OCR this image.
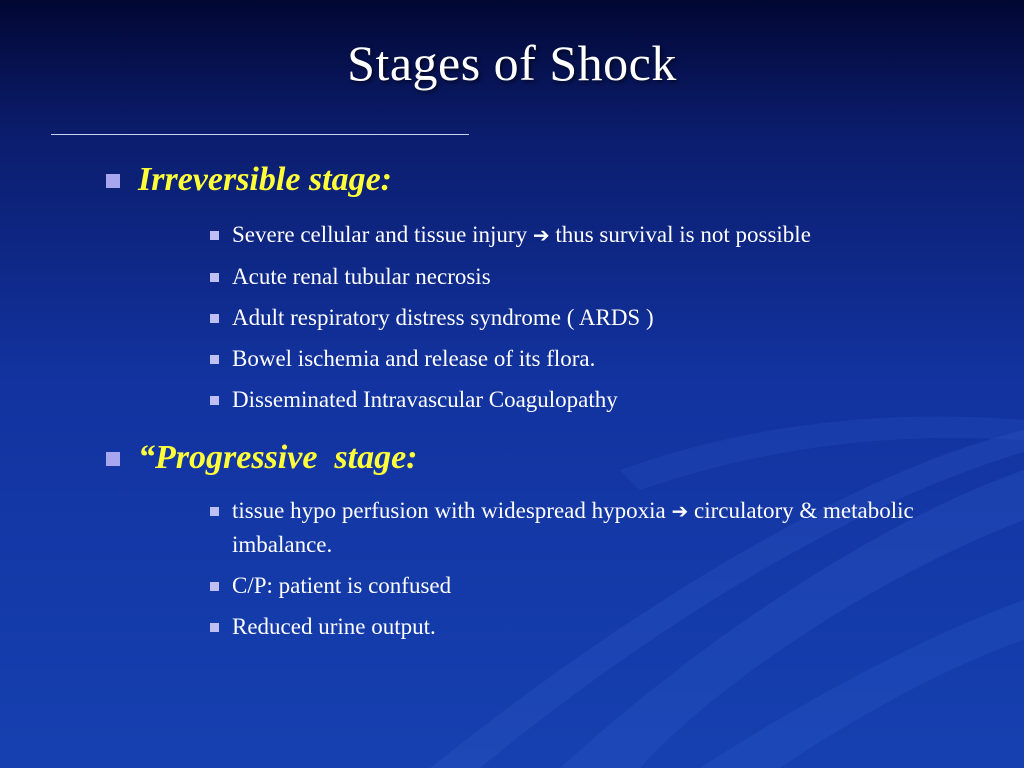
Stages of Shock
Irreversible stage:
Severe cellular and tissue injury ➔ thus survival is not possible
Acute renal tubular necrosis
Adult respiratory distress syndrome ( ARDS )
Bowel ischemia and release of its flora.
Disseminated Intravascular Coagulopathy
“Progressive  stage:
tissue hypo perfusion with widespread hypoxia ➔ circulatory & metabolic imbalance.
C/P: patient is confused
Reduced urine output.
